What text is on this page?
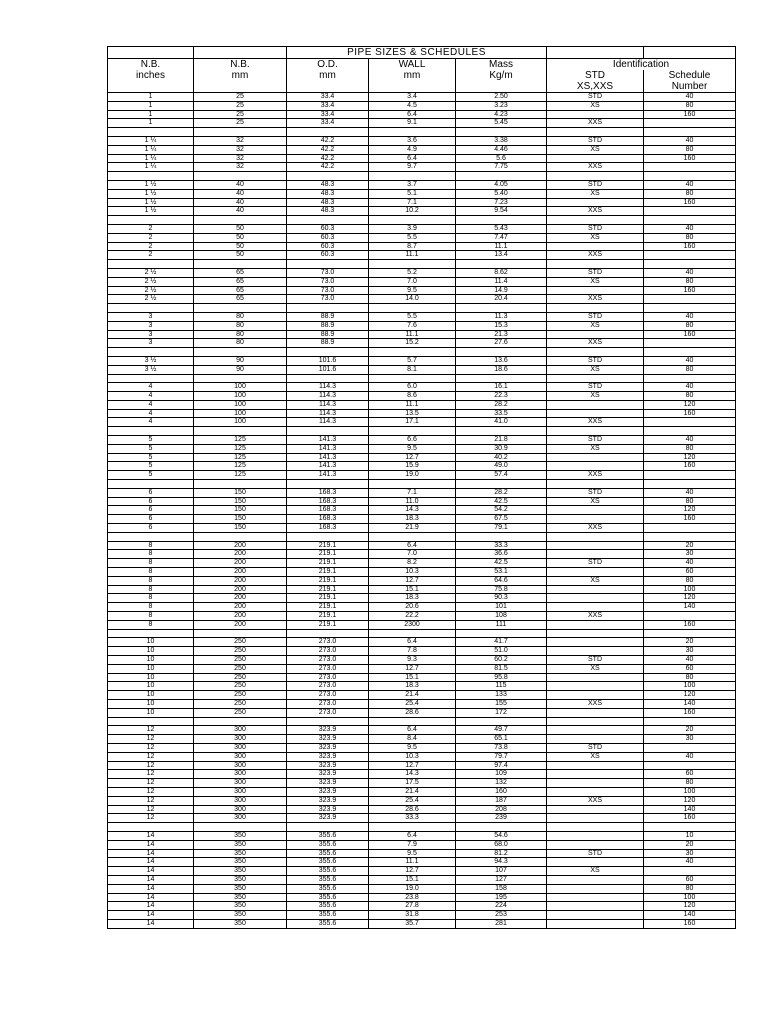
		PIPE SIZES & SCHEDULES				
N.B.	N.B.	O.D.	WALL	Mass	Identification	
inches	mm	mm	mm	Kg/m	STD	Schedule
					XS,XXS	Number
1	25	33.4	3.4	2.50	STD	40
1	25	33.4	4.5	3.23	XS	80
1	25	33.4	6.4	4.23		160
1	25	33.4	9.1	5.45	XXS	

1 ¼	32	42.2	3.6	3.38	STD	40
1 ¼	32	42.2	4.9	4.46	XS	80
1 ¼	32	42.2	6.4	5.6		160
1 ¼	32	42.2	9.7	7.75	XXS	

1 ½	40	48.3	3.7	4.05	STD	40
1 ½	40	48.3	5.1	5.40	XS	80
1 ½	40	48.3	7.1	7.23		160
1 ½	40	48.3	10.2	9.54	XXS	

2	50	60.3	3.9	5.43	STD	40
2	50	60.3	5.5	7.47	XS	80
2	50	60.3	8.7	11.1		160
2	50	60.3	11.1	13.4	XXS	

2 ½	65	73.0	5.2	8.62	STD	40
2 ½	65	73.0	7.0	11.4	XS	80
2 ½	65	73.0	9.5	14.9		160
2 ½	65	73.0	14.0	20.4	XXS	

3	80	88.9	5.5	11.3	STD	40
3	80	88.9	7.6	15.3	XS	80
3	80	88.9	11.1	21.3		160
3	80	88.9	15.2	27.6	XXS	

3 ½	90	101.6	5.7	13.6	STD	40
3 ½	90	101.6	8.1	18.6	XS	80

4	100	114.3	6.0	16.1	STD	40
4	100	114.3	8.6	22.3	XS	80
4	100	114.3	11.1	28.2		120
4	100	114.3	13.5	33.5		160
4	100	114.3	17.1	41.0	XXS	

5	125	141.3	6.6	21.8	STD	40
5	125	141.3	9.5	30.9	XS	80
5	125	141.3	12.7	40.2		120
5	125	141.3	15.9	49.0		160
5	125	141.3	19.0	57.4	XXS	

6	150	168.3	7.1	28.2	STD	40
6	150	168.3	11.0	42.5	XS	80
6	150	168.3	14.3	54.2		120
6	150	168.3	18.3	67.5		160
6	150	168.3	21.9	79.1	XXS	

8	200	219.1	6.4	33.3		20
8	200	219.1	7.0	36.6		30
8	200	219.1	8.2	42.5	STD	40
8	200	219.1	10.3	53.1		60
8	200	219.1	12.7	64.6	XS	80
8	200	219.1	15.1	75.8		100
8	200	219.1	18.3	90.3		120
8	200	219.1	20.6	101		140
8	200	219.1	22.2	108	XXS	
8	200	219.1	2300	111		160

10	250	273.0	6.4	41.7		20
10	250	273.0	7.8	51.0		30
10	250	273.0	9.3	60.2	STD	40
10	250	273.0	12.7	81.5	XS	60
10	250	273.0	15.1	95.8		80
10	250	273.0	18.3	115		100
10	250	273.0	21.4	133		120
10	250	273.0	25.4	155	XXS	140
10	250	273.0	28.6	172		160

12	300	323.9	6.4	49.7		20
12	300	323.9	8.4	65.1		30
12	300	323.9	9.5	73.8	STD	
12	300	323.9	10.3	79.7	XS	40
12	300	323.9	12.7	97.4		
12	300	323.9	14.3	109		60
12	300	323.9	17.5	132		80
12	300	323.9	21.4	160		100
12	300	323.9	25.4	187	XXS	120
12	300	323.9	28.6	208		140
12	300	323.9	33.3	239		160

14	350	355.6	6.4	54.6		10
14	350	355.6	7.9	68.0		20
14	350	355.6	9.5	81.2	STD	30
14	350	355.6	11.1	94.3		40
14	350	355.6	12.7	107	XS	
14	350	355.6	15.1	127		60
14	350	355.6	19.0	158		80
14	350	355.6	23.8	195		100
14	350	355.6	27.8	224		120
14	350	355.6	31.8	253		140
14	350	355.6	35.7	281		160
